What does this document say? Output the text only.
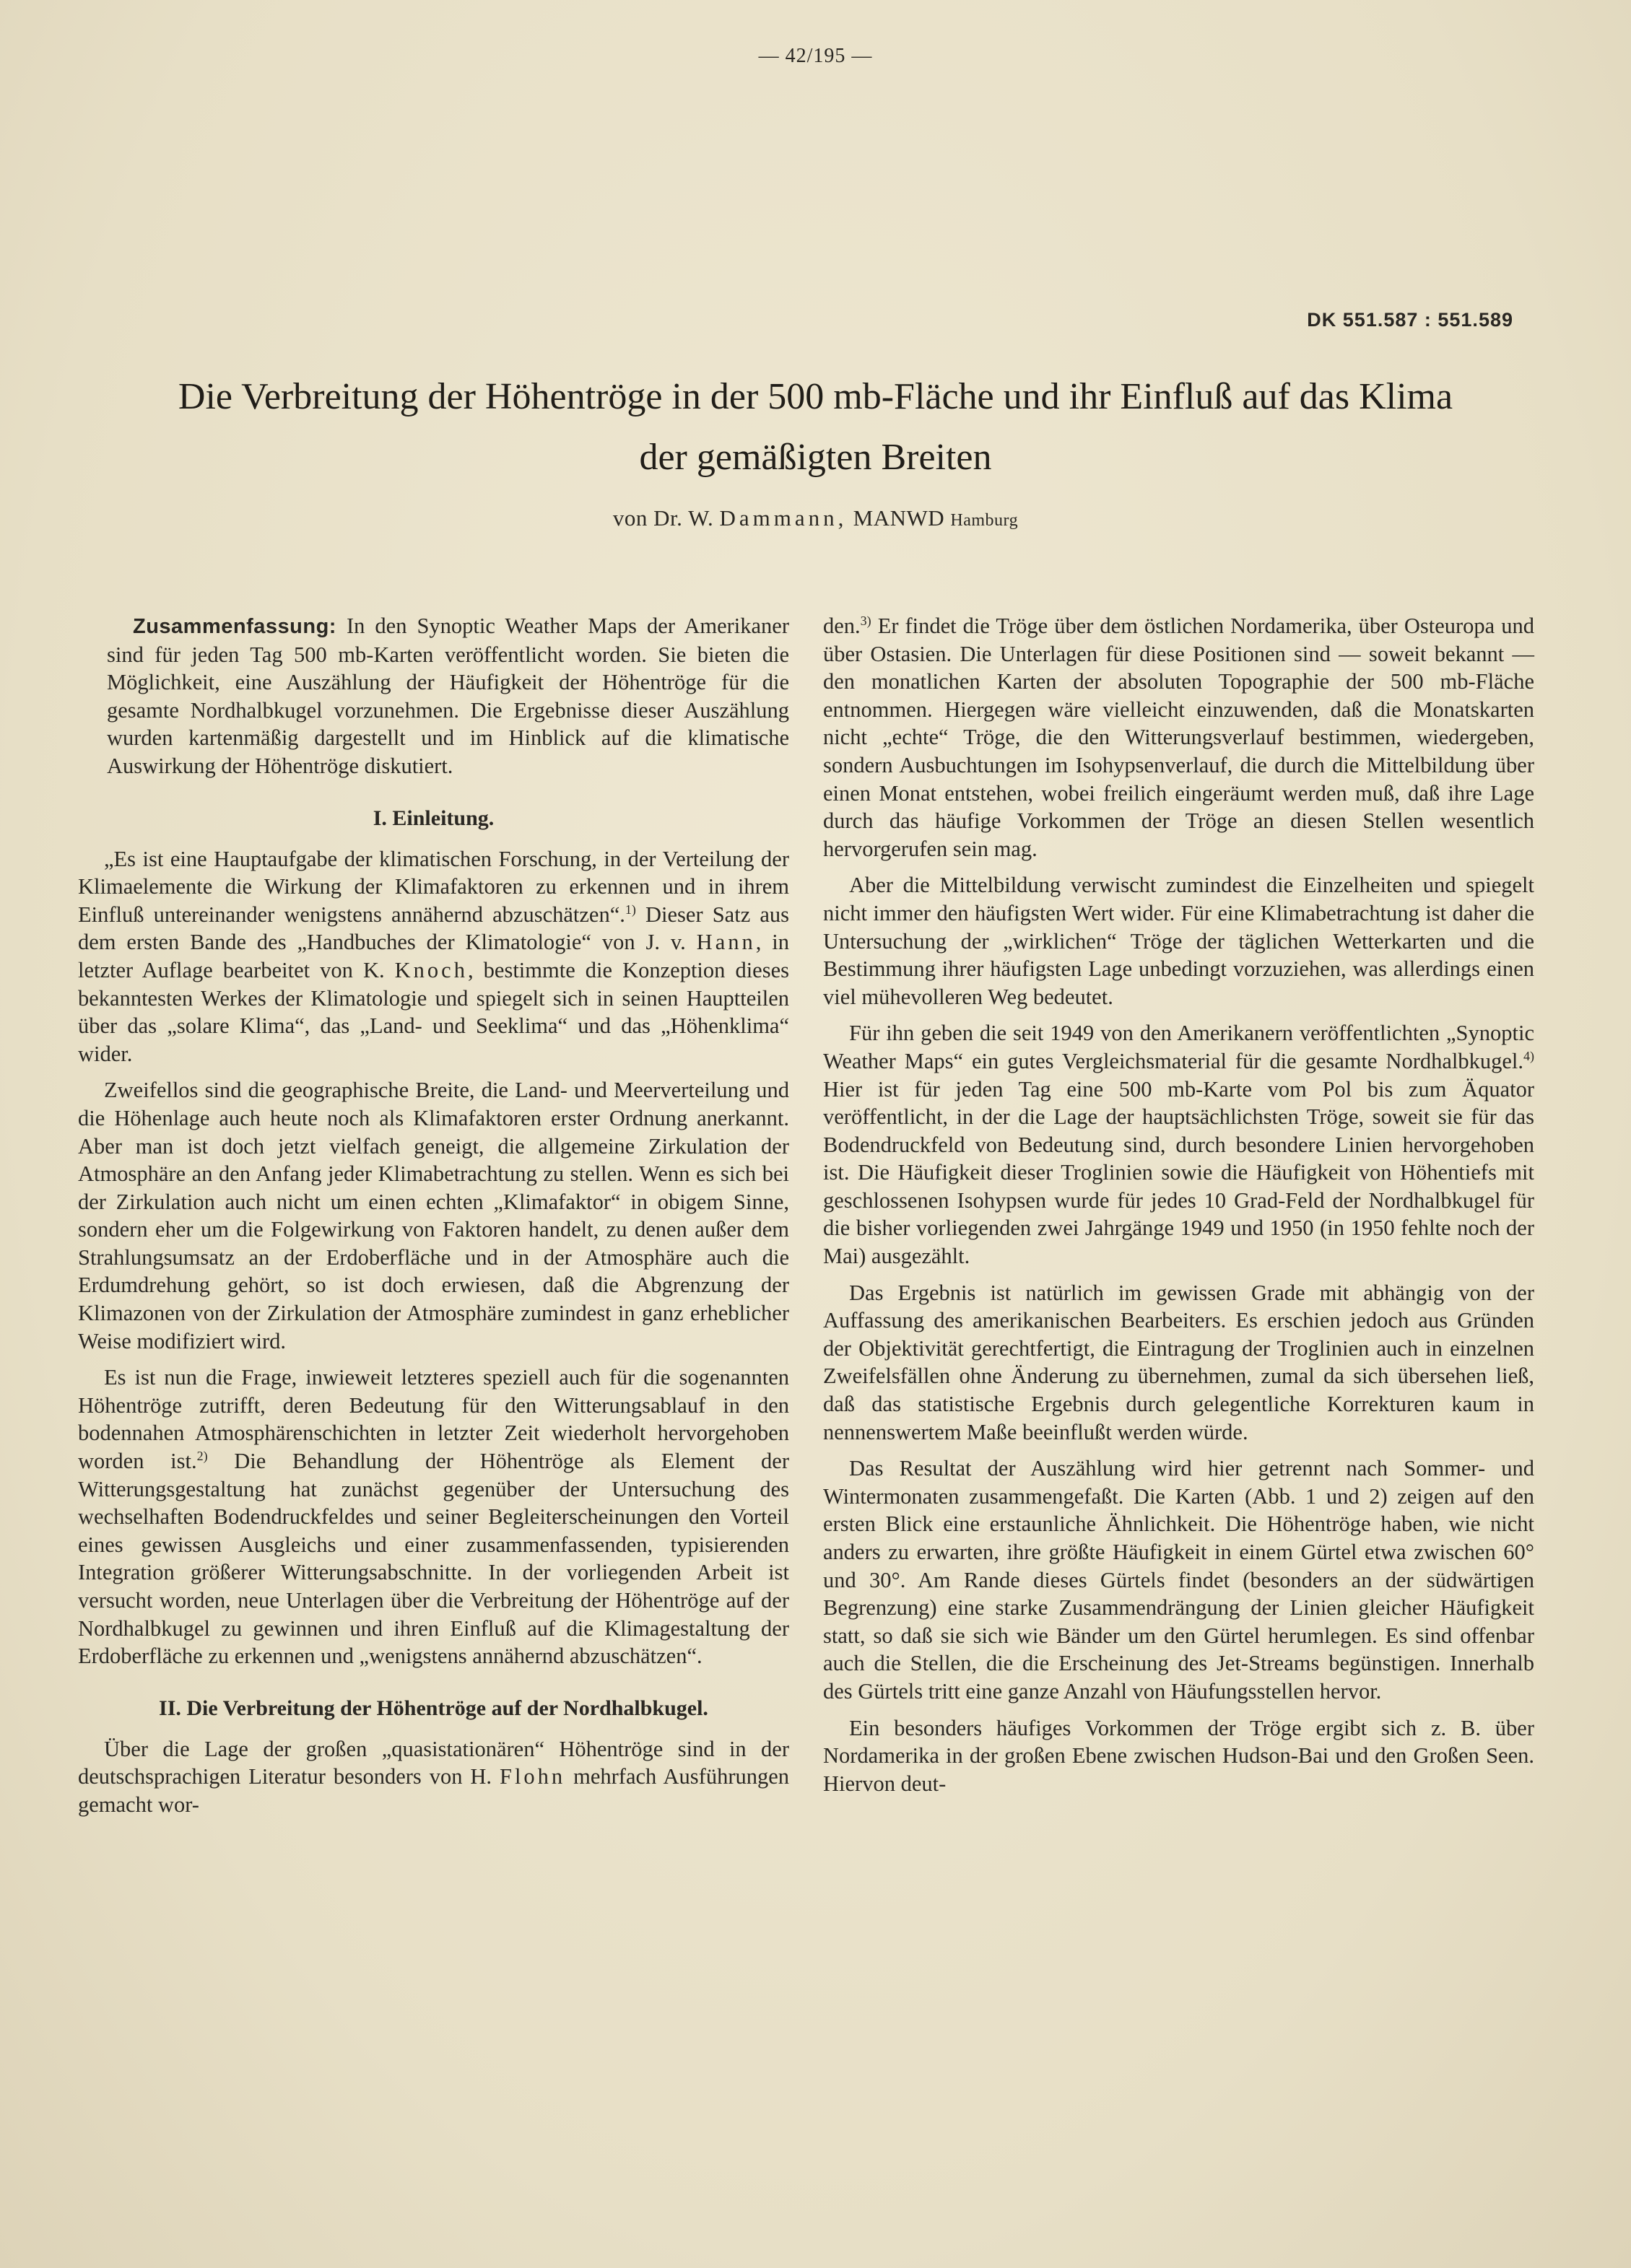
— 42/195 —
DK 551.587 : 551.589
Die Verbreitung der Höhentröge in der 500 mb-Fläche und ihr Einfluß auf das Klima
der gemäßigten Breiten
von Dr. W. Dammann, MANWD Hamburg

Zusammenfassung: In den Synoptic Weather Maps der Amerikaner sind für jeden Tag 500 mb-Karten veröffentlicht worden. Sie bieten die Möglichkeit, eine Auszählung der Häufigkeit der Höhentröge für die gesamte Nordhalbkugel vorzunehmen. Die Ergebnisse dieser Auszählung wurden kartenmäßig dargestellt und im Hinblick auf die klimatische Auswirkung der Höhentröge diskutiert.

I. Einleitung.

„Es ist eine Hauptaufgabe der klimatischen Forschung, in der Verteilung der Klimaelemente die Wirkung der Klimafaktoren zu erkennen und in ihrem Einfluß untereinander wenigstens annähernd abzuschätzen“.$^{1)}$ Dieser Satz aus dem ersten Bande des „Handbuches der Klimatologie“ von J. v. Hann, in letzter Auflage bearbeitet von K. Knoch, bestimmte die Konzeption dieses bekanntesten Werkes der Klimatologie und spiegelt sich in seinen Hauptteilen über das „solare Klima“, das „Land- und Seeklima“ und das „Höhenklima“ wider.

Zweifellos sind die geographische Breite, die Land- und Meerverteilung und die Höhenlage auch heute noch als Klimafaktoren erster Ordnung anerkannt. Aber man ist doch jetzt vielfach geneigt, die allgemeine Zirkulation der Atmosphäre an den Anfang jeder Klimabetrachtung zu stellen. Wenn es sich bei der Zirkulation auch nicht um einen echten „Klimafaktor“ in obigem Sinne, sondern eher um die Folgewirkung von Faktoren handelt, zu denen außer dem Strahlungsumsatz an der Erdoberfläche und in der Atmosphäre auch die Erdumdrehung gehört, so ist doch erwiesen, daß die Abgrenzung der Klimazonen von der Zirkulation der Atmosphäre zumindest in ganz erheblicher Weise modifiziert wird.

Es ist nun die Frage, inwieweit letzteres speziell auch für die sogenannten Höhentröge zutrifft, deren Bedeutung für den Witterungsablauf in den bodennahen Atmosphärenschichten in letzter Zeit wiederholt hervorgehoben worden ist.$^{2)}$ Die Behandlung der Höhentröge als Element der Witterungsgestaltung hat zunächst gegenüber der Untersuchung des wechselhaften Bodendruckfeldes und seiner Begleiterscheinungen den Vorteil eines gewissen Ausgleichs und einer zusammenfassenden, typisierenden Integration größerer Witterungsabschnitte. In der vorliegenden Arbeit ist versucht worden, neue Unterlagen über die Verbreitung der Höhentröge auf der Nordhalbkugel zu gewinnen und ihren Einfluß auf die Klimagestaltung der Erdoberfläche zu erkennen und „wenigstens annähernd abzuschätzen“.

II. Die Verbreitung der Höhentröge auf der Nordhalbkugel.

Über die Lage der großen „quasistationären“ Höhentröge sind in der deutschsprachigen Literatur besonders von H. Flohn mehrfach Ausführungen gemacht wor-

den.$^{3)}$ Er findet die Tröge über dem östlichen Nordamerika, über Osteuropa und über Ostasien. Die Unterlagen für diese Positionen sind — soweit bekannt — den monatlichen Karten der absoluten Topographie der 500 mb-Fläche entnommen. Hiergegen wäre vielleicht einzuwenden, daß die Monatskarten nicht „echte“ Tröge, die den Witterungsverlauf bestimmen, wiedergeben, sondern Ausbuchtungen im Isohypsenverlauf, die durch die Mittelbildung über einen Monat entstehen, wobei freilich eingeräumt werden muß, daß ihre Lage durch das häufige Vorkommen der Tröge an diesen Stellen wesentlich hervorgerufen sein mag.

Aber die Mittelbildung verwischt zumindest die Einzelheiten und spiegelt nicht immer den häufigsten Wert wider. Für eine Klimabetrachtung ist daher die Untersuchung der „wirklichen“ Tröge der täglichen Wetterkarten und die Bestimmung ihrer häufigsten Lage unbedingt vorzuziehen, was allerdings einen viel mühevolleren Weg bedeutet.

Für ihn geben die seit 1949 von den Amerikanern veröffentlichten „Synoptic Weather Maps“ ein gutes Vergleichsmaterial für die gesamte Nordhalbkugel.$^{4)}$ Hier ist für jeden Tag eine 500 mb-Karte vom Pol bis zum Äquator veröffentlicht, in der die Lage der hauptsächlichsten Tröge, soweit sie für das Bodendruckfeld von Bedeutung sind, durch besondere Linien hervorgehoben ist. Die Häufigkeit dieser Troglinien sowie die Häufigkeit von Höhentiefs mit geschlossenen Isohypsen wurde für jedes 10 Grad-Feld der Nordhalbkugel für die bisher vorliegenden zwei Jahrgänge 1949 und 1950 (in 1950 fehlte noch der Mai) ausgezählt.

Das Ergebnis ist natürlich im gewissen Grade mit abhängig von der Auffassung des amerikanischen Bearbeiters. Es erschien jedoch aus Gründen der Objektivität gerechtfertigt, die Eintragung der Troglinien auch in einzelnen Zweifelsfällen ohne Änderung zu übernehmen, zumal da sich übersehen ließ, daß das statistische Ergebnis durch gelegentliche Korrekturen kaum in nennenswertem Maße beeinflußt werden würde.

Das Resultat der Auszählung wird hier getrennt nach Sommer- und Wintermonaten zusammengefaßt. Die Karten (Abb. 1 und 2) zeigen auf den ersten Blick eine erstaunliche Ähnlichkeit. Die Höhentröge haben, wie nicht anders zu erwarten, ihre größte Häufigkeit in einem Gürtel etwa zwischen 60° und 30°. Am Rande dieses Gürtels findet (besonders an der südwärtigen Begrenzung) eine starke Zusammendrängung der Linien gleicher Häufigkeit statt, so daß sie sich wie Bänder um den Gürtel herumlegen. Es sind offenbar auch die Stellen, die die Erscheinung des Jet-Streams begünstigen. Innerhalb des Gürtels tritt eine ganze Anzahl von Häufungsstellen hervor.

Ein besonders häufiges Vorkommen der Tröge ergibt sich z. B. über Nordamerika in der großen Ebene zwischen Hudson-Bai und den Großen Seen. Hiervon deut-
